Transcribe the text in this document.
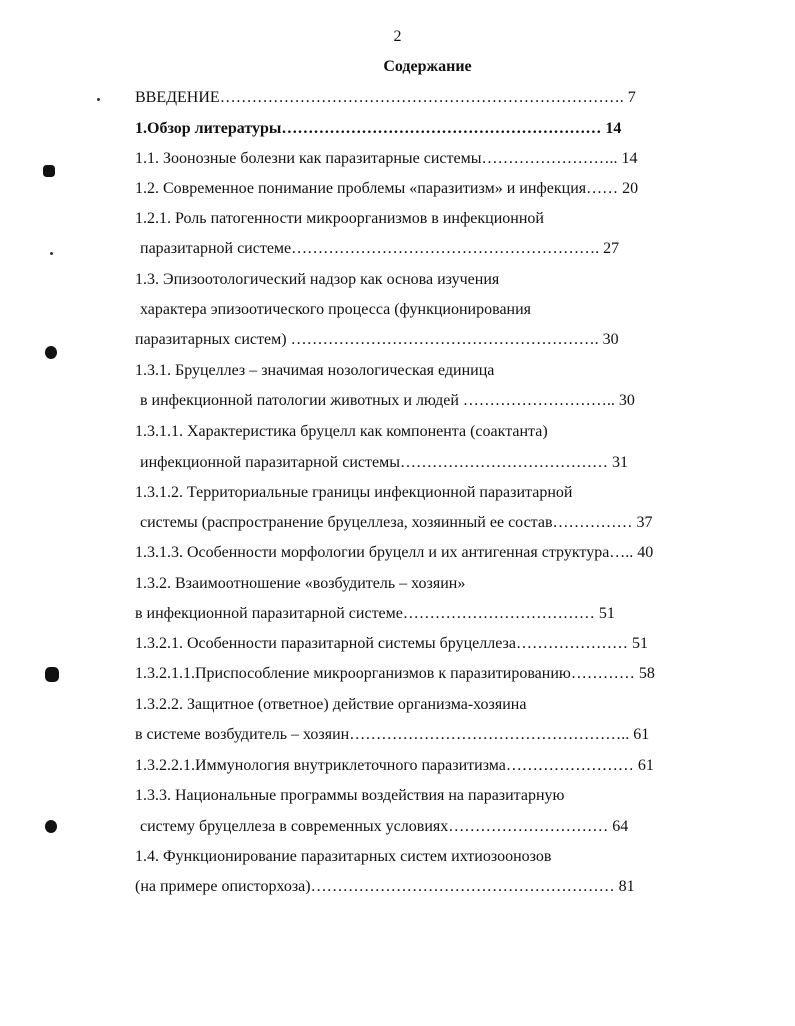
2
Содержание
ВВЕДЕНИЕ…………………………………………………………………. 7
1.Обзор литературы…………………………………………………… 14
1.1. Зоонозные болезни как паразитарные системы…………………….. 14
1.2. Современное понимание проблемы «паразитизм» и инфекция…… 20
1.2.1. Роль патогенности микроорганизмов в инфекционной
паразитарной системе…………………………………………………. 27
1.3. Эпизоотологический надзор как основа изучения
характера эпизоотического процесса (функционирования
паразитарных систем) …………………………………………………. 30
1.3.1. Бруцеллез – значимая нозологическая единица
в инфекционной патологии животных и людей ……………………….. 30
1.3.1.1. Характеристика бруцелл как компонента (соактанта)
инфекционной паразитарной системы………………………………… 31
1.3.1.2. Территориальные границы инфекционной паразитарной
системы (распространение бруцеллеза, хозяинный ее состав…………… 37
1.3.1.3. Особенности морфологии бруцелл и их антигенная структура….. 40
1.3.2. Взаимоотношение «возбудитель – хозяин»
в инфекционной паразитарной системе……………………………… 51
1.3.2.1. Особенности паразитарной системы бруцеллеза………………… 51
1.3.2.1.1.Приспособление микроорганизмов к паразитированию………… 58
1.3.2.2. Защитное (ответное) действие организма-хозяина
в системе возбудитель – хозяин…………………………………………….. 61
1.3.2.2.1.Иммунология внутриклеточного паразитизма…………………… 61
1.3.3. Национальные программы воздействия на паразитарную
систему бруцеллеза в современных условиях………………………… 64
1.4. Функционирование паразитарных систем ихтиозоонозов
(на примере описторхоза)………………………………………………… 81
